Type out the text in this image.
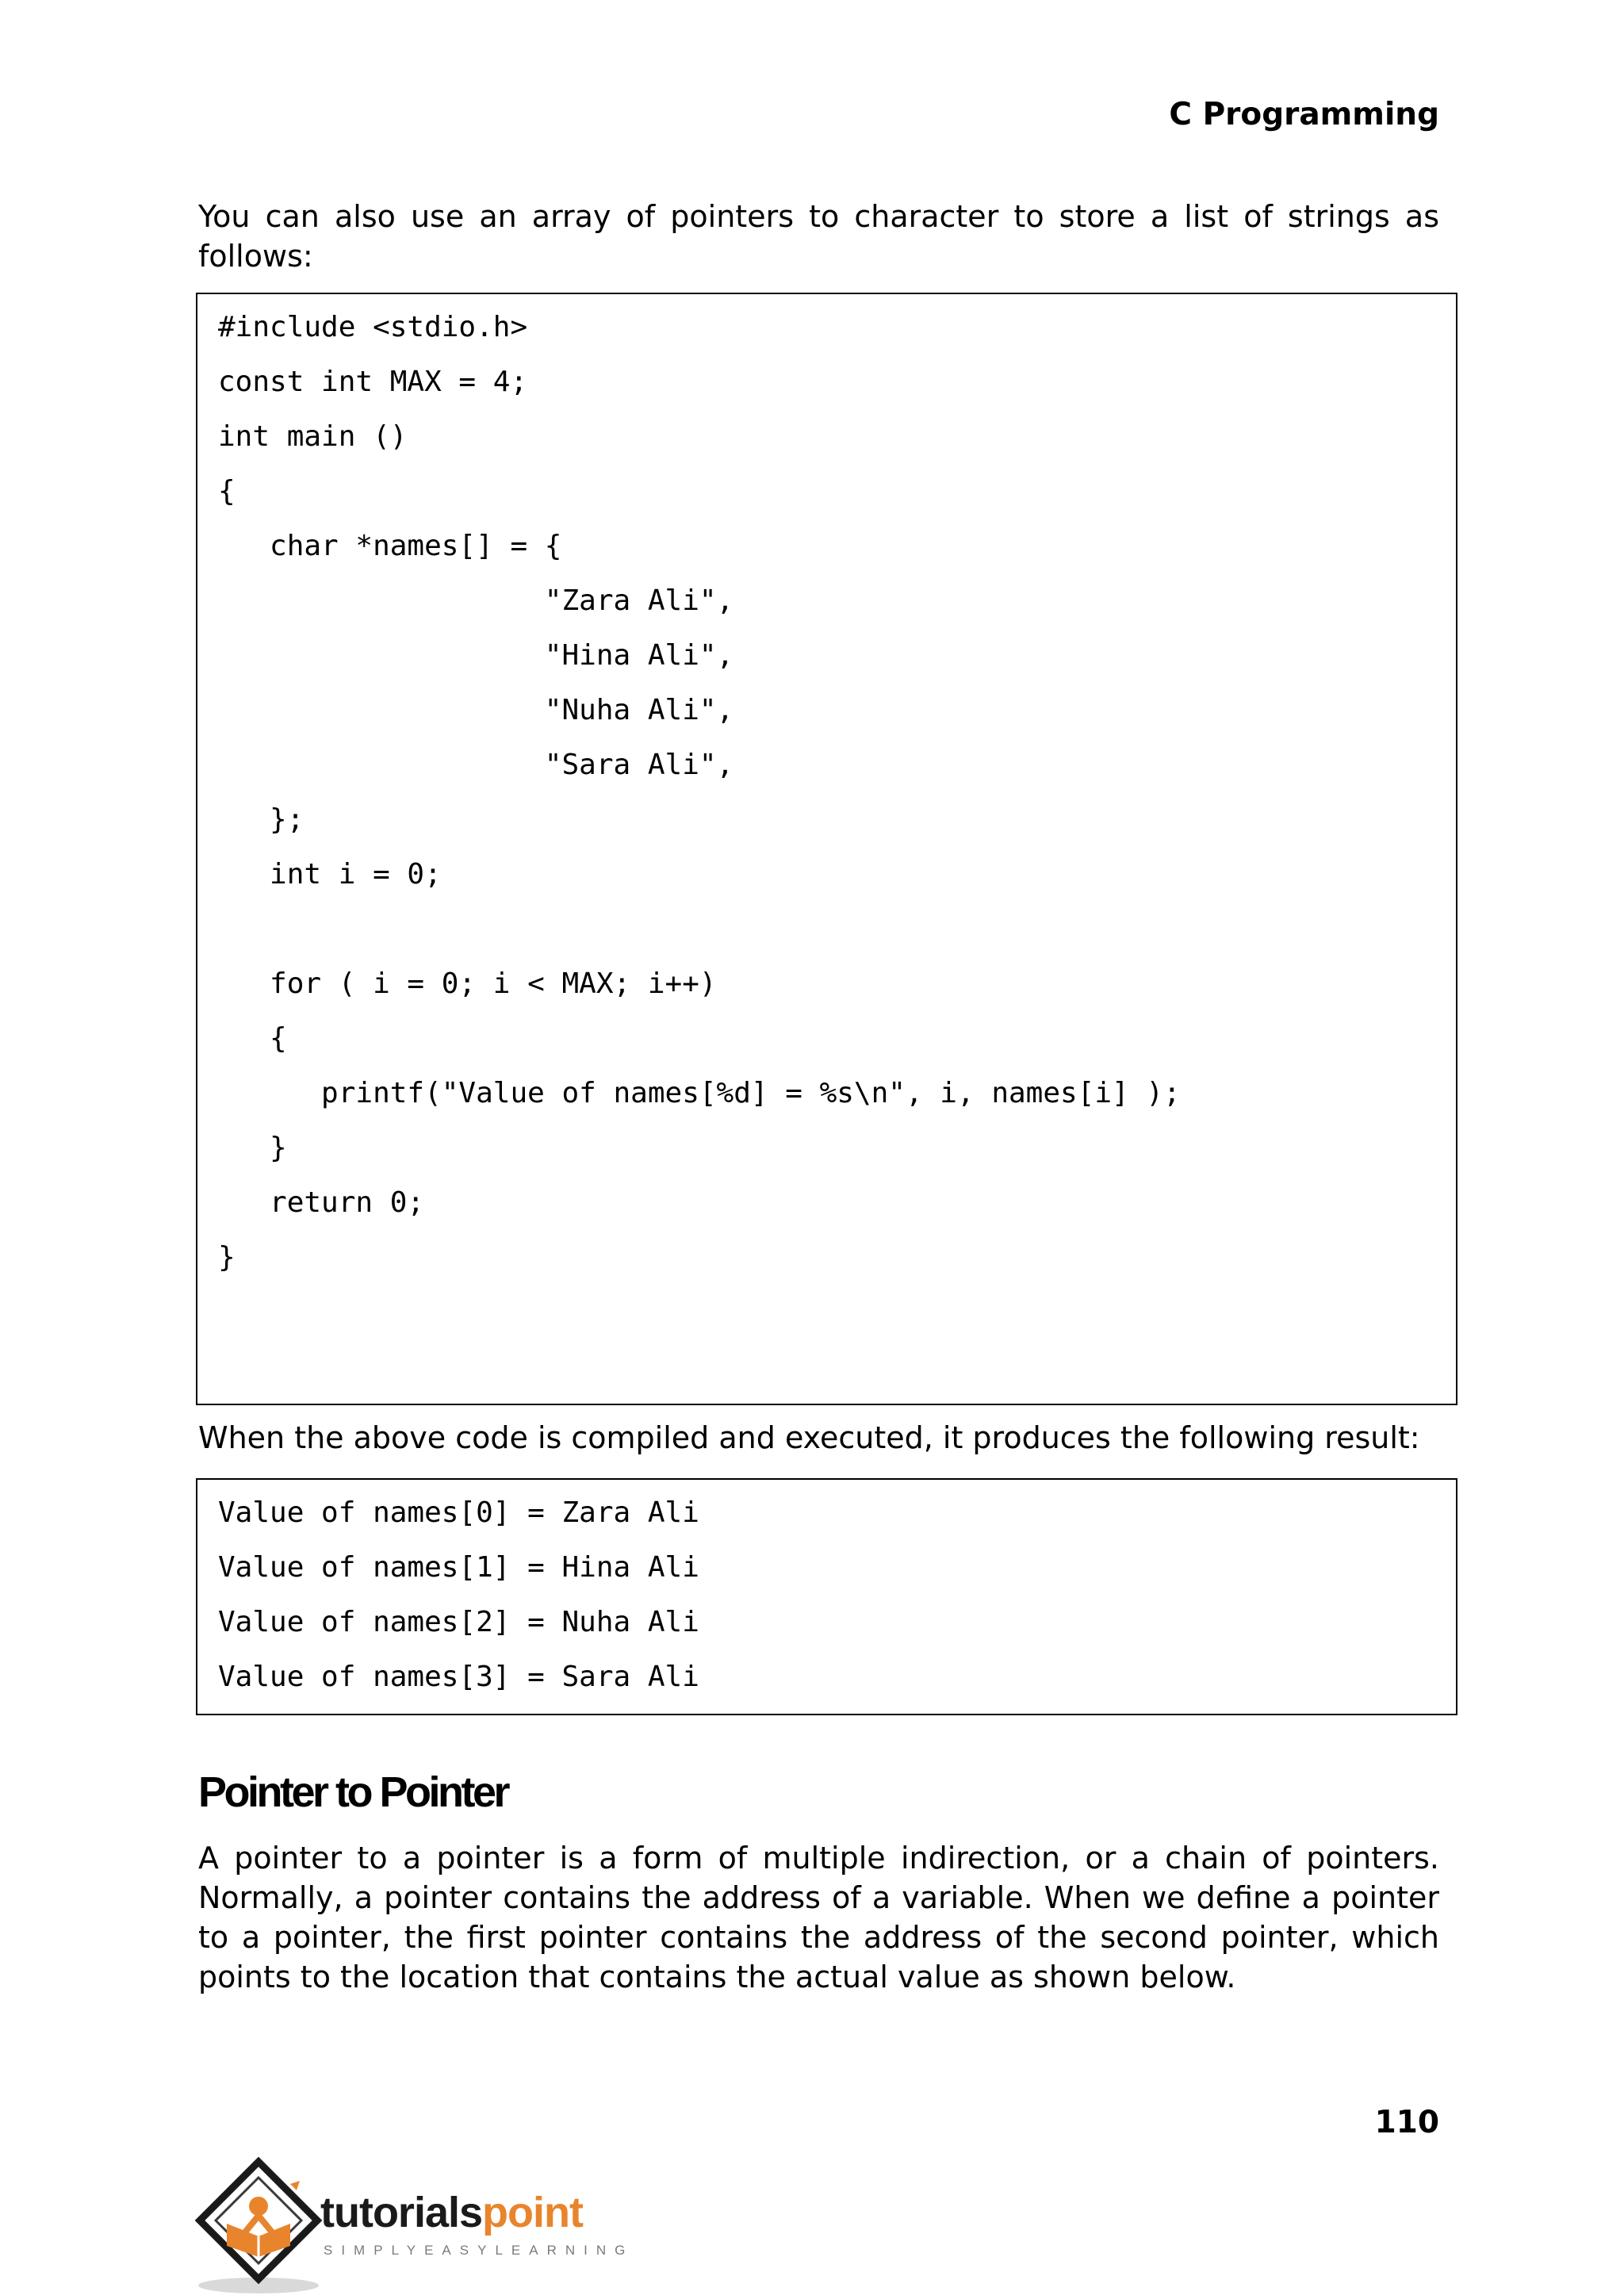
C Programming

You can also use an array of pointers to character to store a list of strings as follows:

#include <stdio.h>
const int MAX = 4;
int main ()
{
char *names[] = {
"Zara Ali",
"Hina Ali",
"Nuha Ali",
"Sara Ali",
};
int i = 0;
for ( i = 0; i < MAX; i++)
{
printf("Value of names[%d] = %s\n", i, names[i] );
}
return 0;
}

When the above code is compiled and executed, it produces the following result:

Value of names[0] = Zara Ali
Value of names[1] = Hina Ali
Value of names[2] = Nuha Ali
Value of names[3] = Sara Ali
Pointer to Pointer

A pointer to a pointer is a form of multiple indirection, or a chain of pointers. Normally, a pointer contains the address of a variable. When we define a pointer to a pointer, the first pointer contains the address of the second pointer, which points to the location that contains the actual value as shown below.

110
tutorialspoint
SIMPLYEASYLEARNING
